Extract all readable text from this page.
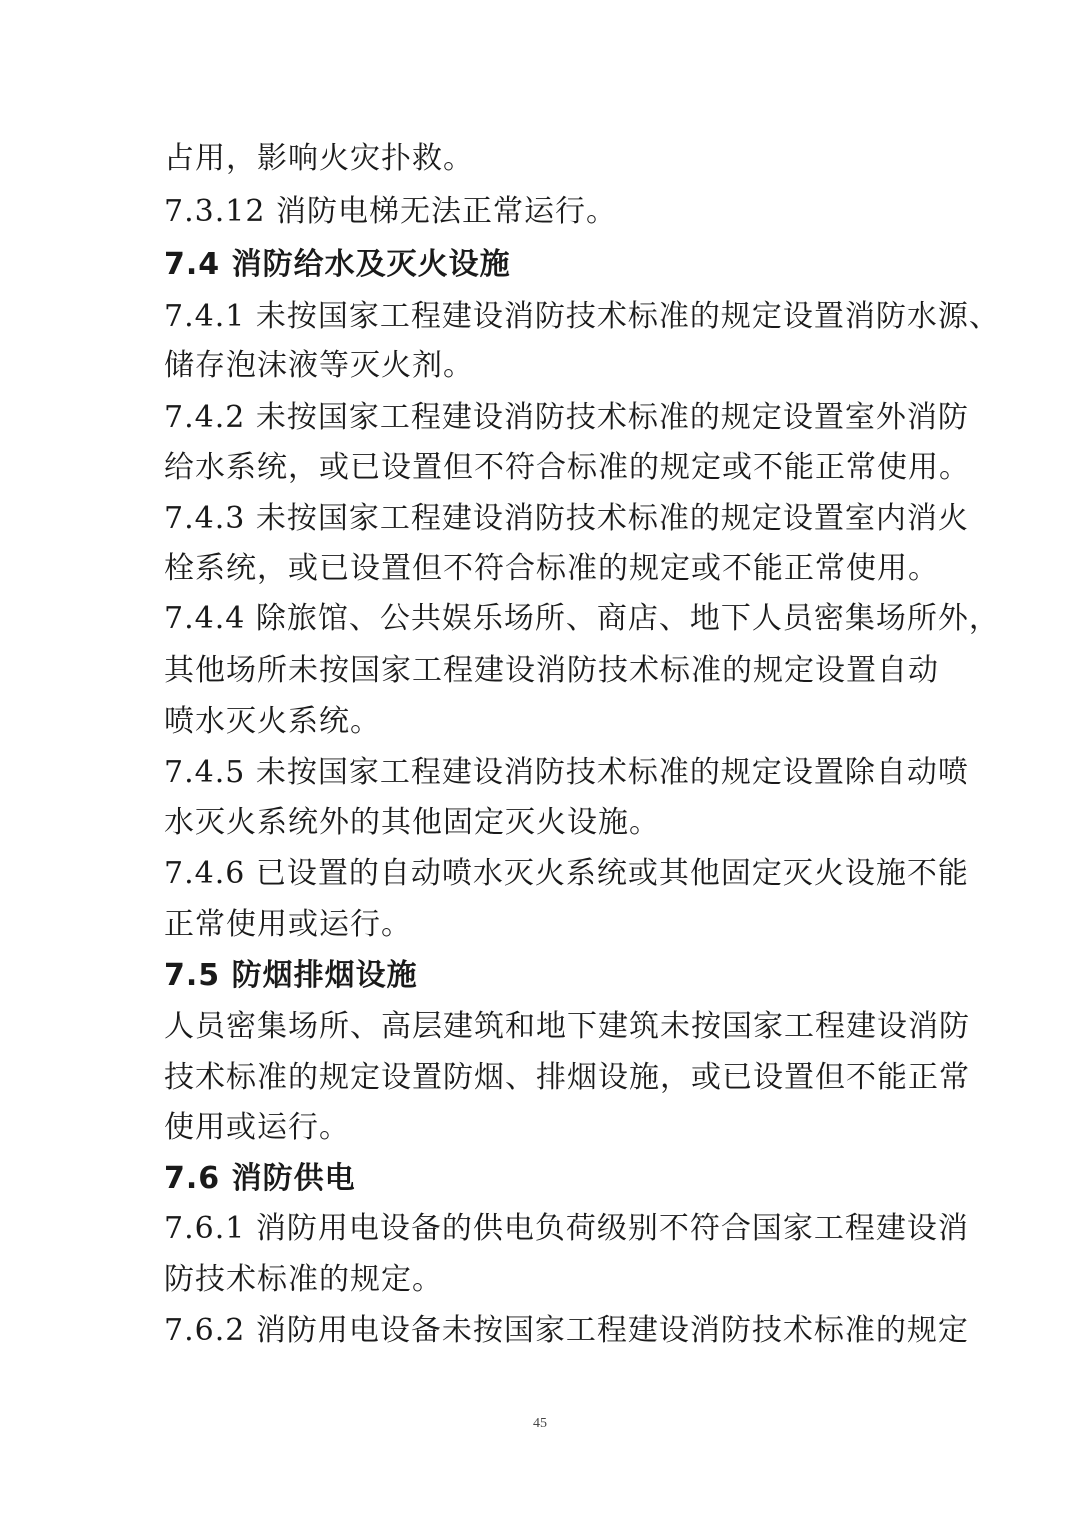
占用，影响火灾扑救。
7.3.12 消防电梯无法正常运行。
7.4 消防给水及灭火设施
7.4.1 未按国家工程建设消防技术标准的规定设置消防水源、
储存泡沫液等灭火剂。
7.4.2 未按国家工程建设消防技术标准的规定设置室外消防
给水系统，或已设置但不符合标准的规定或不能正常使用。
7.4.3 未按国家工程建设消防技术标准的规定设置室内消火
栓系统，或已设置但不符合标准的规定或不能正常使用。
7.4.4 除旅馆、公共娱乐场所、商店、地下人员密集场所外，
其他场所未按国家工程建设消防技术标准的规定设置自动
喷水灭火系统。
7.4.5 未按国家工程建设消防技术标准的规定设置除自动喷
水灭火系统外的其他固定灭火设施。
7.4.6 已设置的自动喷水灭火系统或其他固定灭火设施不能
正常使用或运行。
7.5 防烟排烟设施
人员密集场所、高层建筑和地下建筑未按国家工程建设消防
技术标准的规定设置防烟、排烟设施，或已设置但不能正常
使用或运行。
7.6 消防供电
7.6.1 消防用电设备的供电负荷级别不符合国家工程建设消
防技术标准的规定。
7.6.2 消防用电设备未按国家工程建设消防技术标准的规定
45
